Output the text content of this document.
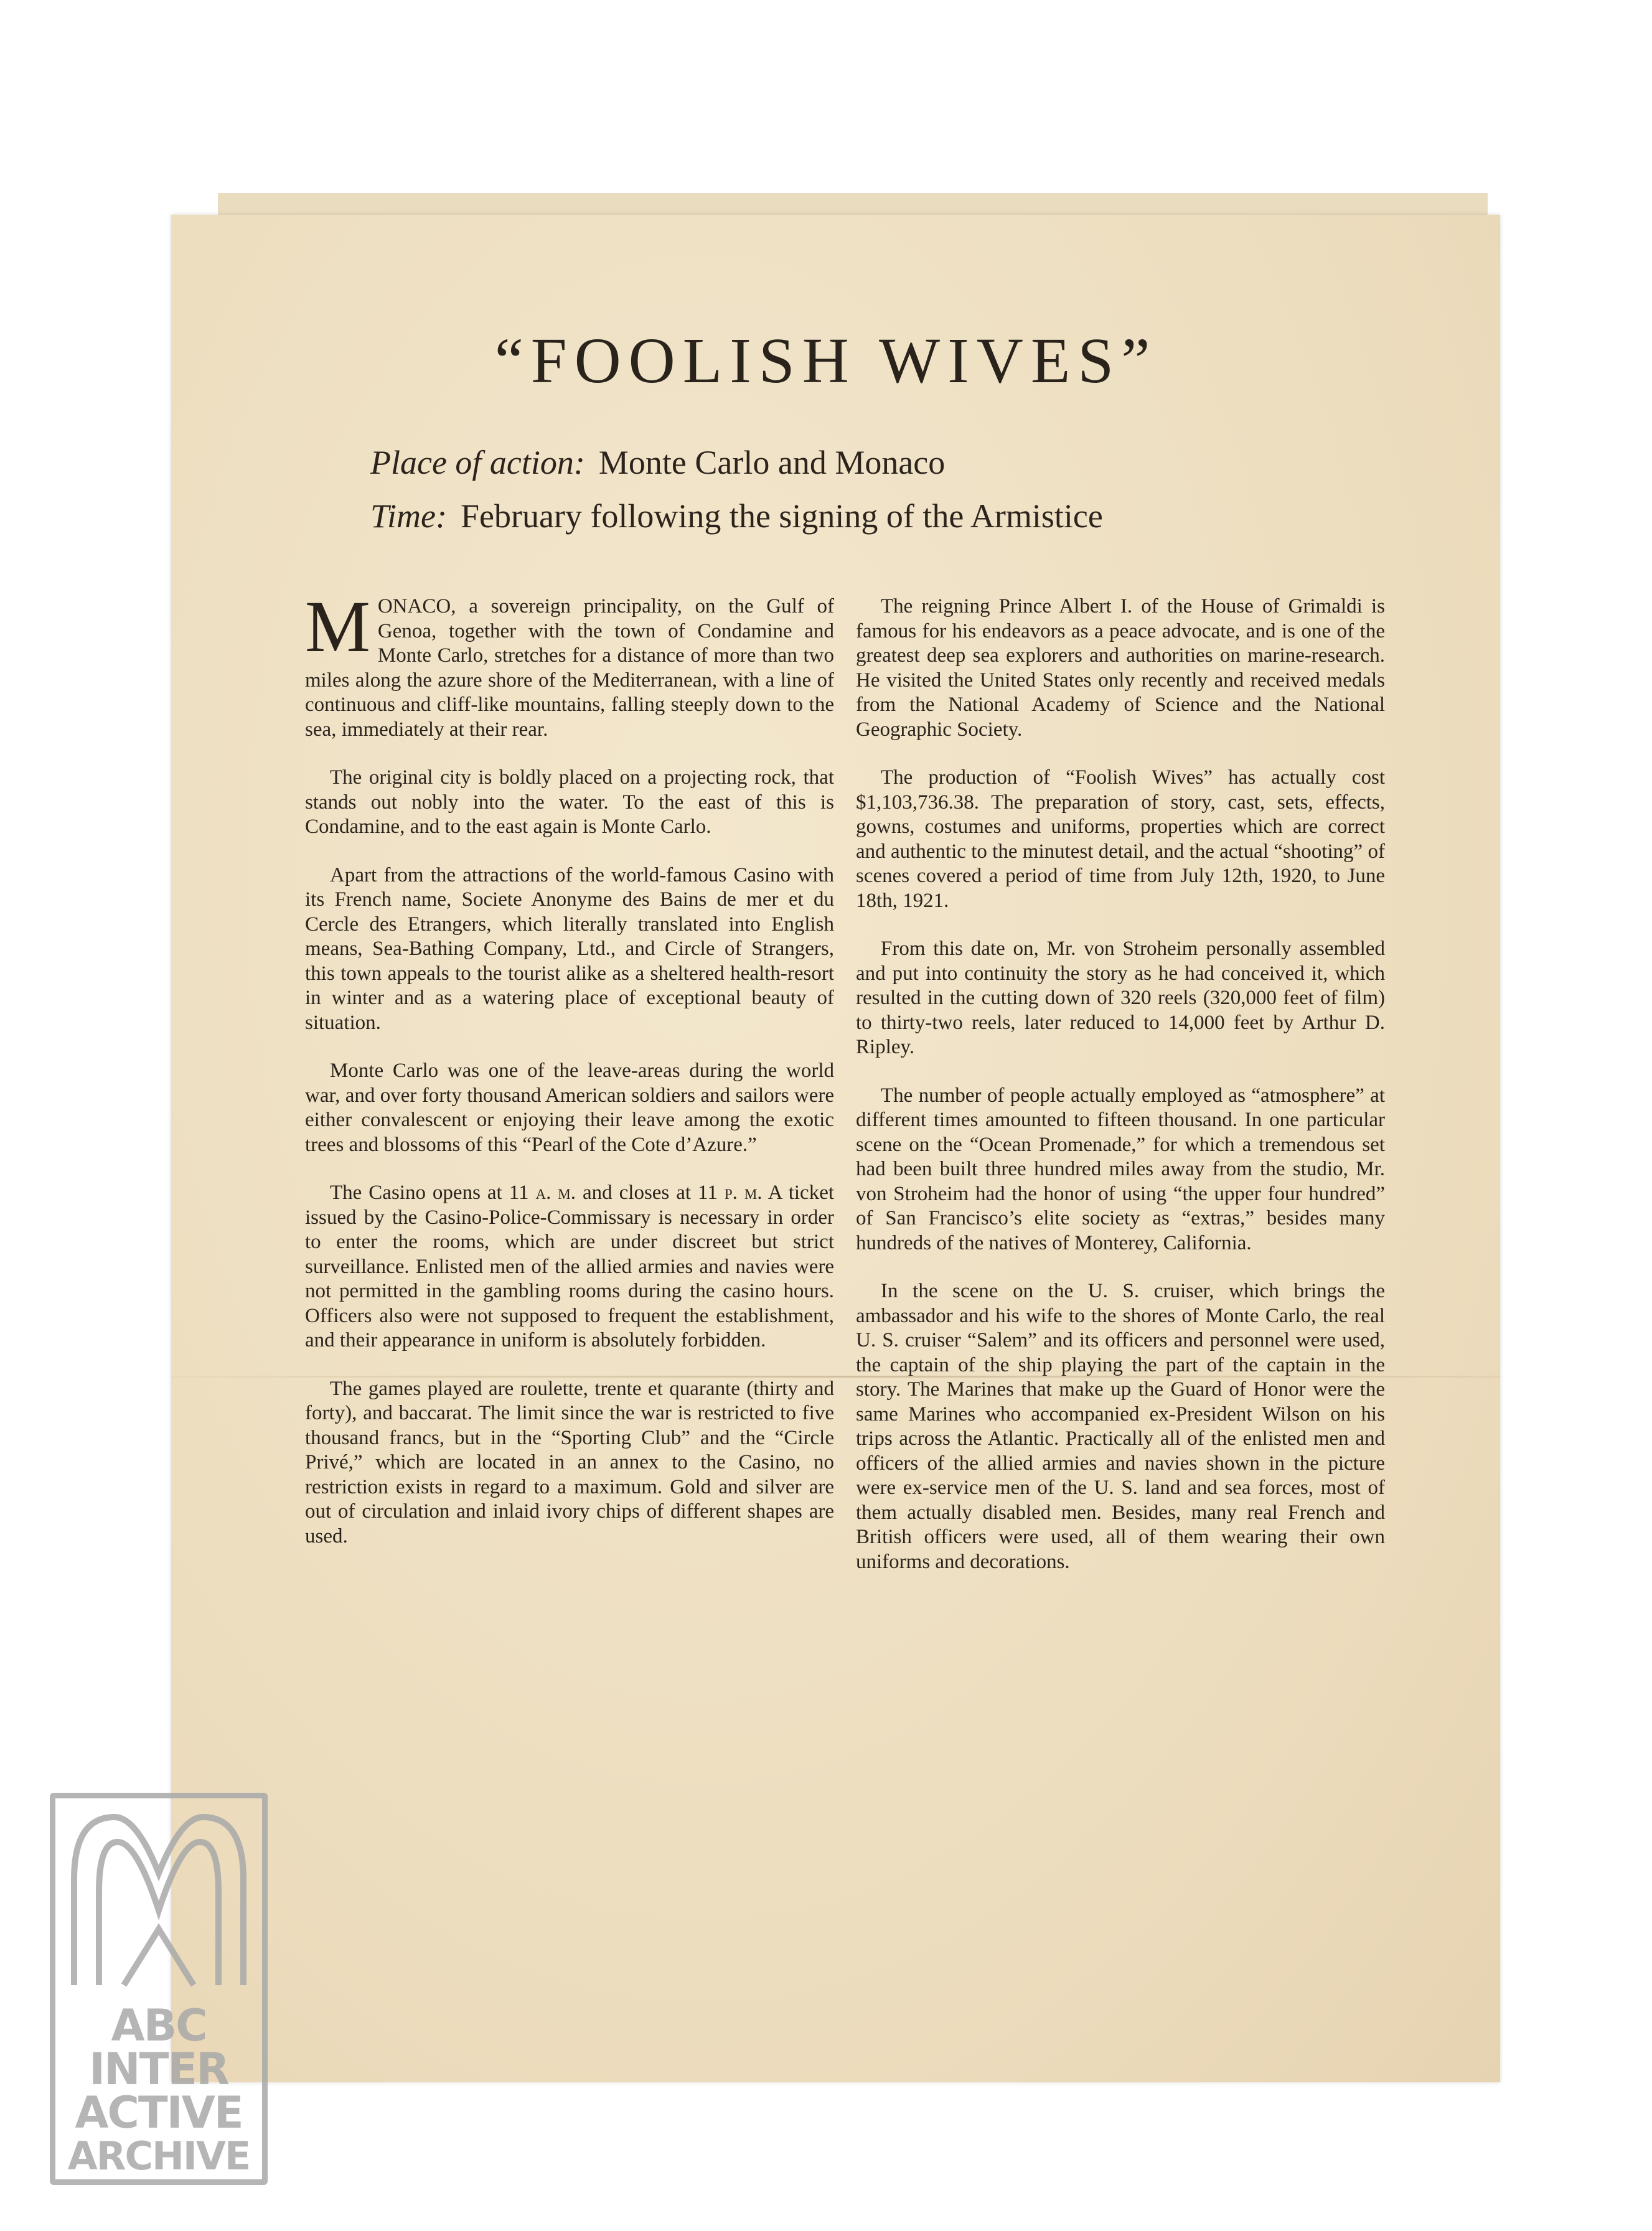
“FOOLISH WIVES”
Place of action: Monte Carlo and Monaco
Time: February following the signing of the Armistice

MONACO, a sovereign principality, on the Gulf of Genoa, together with the town of Condamine and Monte Carlo, stretches for a distance of more than two miles along the azure shore of the Mediterranean, with a line of continuous and cliff-like mountains, falling steeply down to the sea, immediately at their rear.

The original city is boldly placed on a projecting rock, that stands out nobly into the water. To the east of this is Condamine, and to the east again is Monte Carlo.

Apart from the attractions of the world-famous Casino with its French name, Societe Anonyme des Bains de mer et du Cercle des Etrangers, which literally translated into English means, Sea-Bathing Company, Ltd., and Circle of Strangers, this town appeals to the tourist alike as a sheltered health-resort in winter and as a watering place of exceptional beauty of situation.

Monte Carlo was one of the leave-areas during the world war, and over forty thousand American soldiers and sailors were either convalescent or enjoying their leave among the exotic trees and blossoms of this “Pearl of the Cote d’Azure.”

The Casino opens at 11 a. m. and closes at 11 p. m. A ticket issued by the Casino-Police-Commissary is necessary in order to enter the rooms, which are under discreet but strict surveillance. Enlisted men of the allied armies and navies were not permitted in the gambling rooms during the casino hours. Officers also were not supposed to frequent the establishment, and their appearance in uniform is absolutely forbidden.

The games played are roulette, trente et quarante (thirty and forty), and baccarat. The limit since the war is restricted to five thousand francs, but in the “Sporting Club” and the “Circle Privé,” which are located in an annex to the Casino, no restriction exists in regard to a maximum. Gold and silver are out of circulation and inlaid ivory chips of different shapes are used.

The reigning Prince Albert I. of the House of Grimaldi is famous for his endeavors as a peace advocate, and is one of the greatest deep sea explorers and authorities on marine-research. He visited the United States only recently and received medals from the National Academy of Science and the National Geographic Society.

The production of “Foolish Wives” has actually cost $1,103,736.38. The preparation of story, cast, sets, effects, gowns, costumes and uniforms, properties which are correct and authentic to the minutest detail, and the actual “shooting” of scenes covered a period of time from July 12th, 1920, to June 18th, 1921.

From this date on, Mr. von Stroheim personally assembled and put into continuity the story as he had conceived it, which resulted in the cutting down of 320 reels (320,000 feet of film) to thirty-two reels, later reduced to 14,000 feet by Arthur D. Ripley.

The number of people actually employed as “atmosphere” at different times amounted to fifteen thousand. In one particular scene on the “Ocean Promenade,” for which a tremendous set had been built three hundred miles away from the studio, Mr. von Stroheim had the honor of using “the upper four hundred” of San Francisco’s elite society as “extras,” besides many hundreds of the natives of Monterey, California.

In the scene on the U. S. cruiser, which brings the ambassador and his wife to the shores of Monte Carlo, the real U. S. cruiser “Salem” and its officers and personnel were used, the captain of the ship playing the part of the captain in the story. The Marines that make up the Guard of Honor were the same Marines who accompanied ex-President Wilson on his trips across the Atlantic. Practically all of the enlisted men and officers of the allied armies and navies shown in the picture were ex-service men of the U. S. land and sea forces, most of them actually disabled men. Besides, many real French and British officers were used, all of them wearing their own uniforms and decorations.

ABC
INTER
ACTIVE
ARCHIVE
